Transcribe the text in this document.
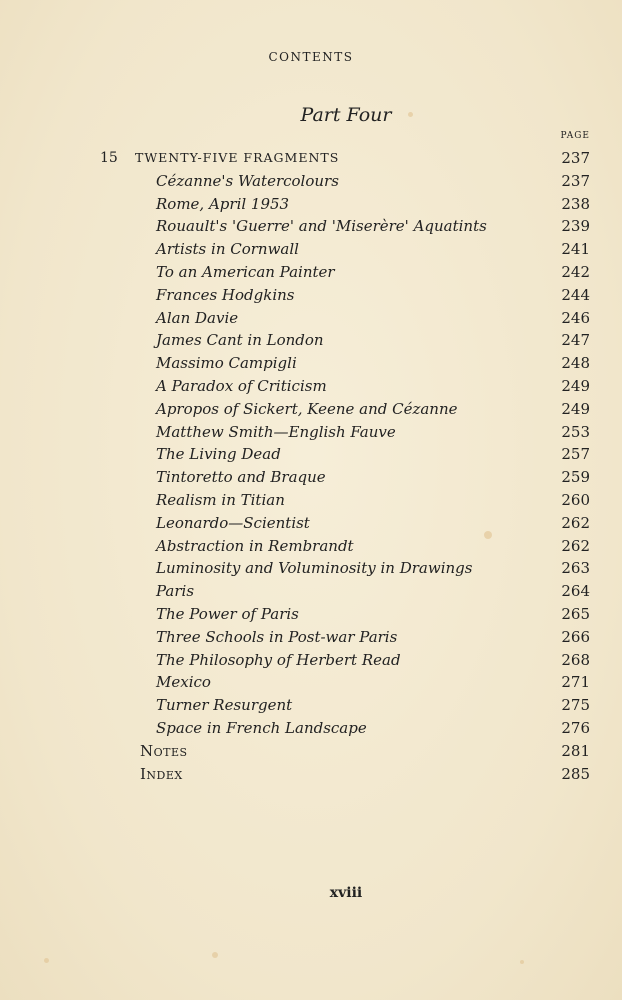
CONTENTS
Part Four
PAGE
15 TWENTY-FIVE FRAGMENTS	237
Cézanne's Watercolours	237
Rome, April 1953	238
Rouault's 'Guerre' and 'Miserère' Aquatints	239
Artists in Cornwall	241
To an American Painter	242
Frances Hodgkins	244
Alan Davie	246
James Cant in London	247
Massimo Campigli	248
A Paradox of Criticism	249
Apropos of Sickert, Keene and Cézanne	249
Matthew Smith—English Fauve	253
The Living Dead	257
Tintoretto and Braque	259
Realism in Titian	260
Leonardo—Scientist	262
Abstraction in Rembrandt	262
Luminosity and Voluminosity in Drawings	263
Paris	264
The Power of Paris	265
Three Schools in Post-war Paris	266
The Philosophy of Herbert Read	268
Mexico	271
Turner Resurgent	275
Space in French Landscape	276
Notes	281
Index	285
xviii
